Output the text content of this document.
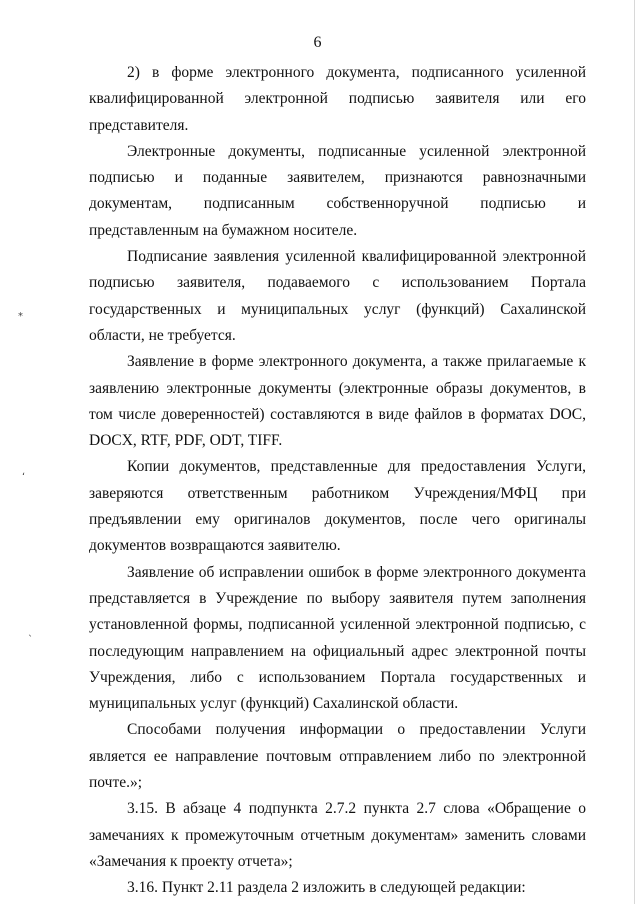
6

2) в форме электронного документа, подписанного усиленной квалифицированной электронной подписью заявителя или его представителя.

Электронные документы, подписанные усиленной электронной подписью и поданные заявителем, признаются равнозначными документам, подписанным собственноручной подписью и представленным на бумажном носителе.

Подписание заявления усиленной квалифицированной электронной подписью заявителя, подаваемого с использованием Портала государственных и муниципальных услуг (функций) Сахалинской области, не требуется.

Заявление в форме электронного документа, а также прилагаемые к заявлению электронные документы (электронные образы документов, в том числе доверенностей) составляются в виде файлов в форматах DOC, DOCX, RTF, PDF, ODT, TIFF.

Копии документов, представленные для предоставления Услуги, заверяются ответственным работником Учреждения/МФЦ при предъявлении ему оригиналов документов, после чего оригиналы документов возвращаются заявителю.

Заявление об исправлении ошибок в форме электронного документа представляется в Учреждение по выбору заявителя путем заполнения установленной формы, подписанной усиленной электронной подписью, с последующим направлением на официальный адрес электронной почты Учреждения, либо с использованием Портала государственных и муниципальных услуг (функций) Сахалинской области.

Способами получения информации о предоставлении Услуги является ее направление почтовым отправлением либо по электронной почте.»;

3.15. В абзаце 4 подпункта 2.7.2 пункта 2.7 слова «Обращение о замечаниях к промежуточным отчетным документам» заменить словами «Замечания к проекту отчета»;

3.16. Пункт 2.11 раздела 2 изложить в следующей редакции:

⁎
ʻ
ˎ
